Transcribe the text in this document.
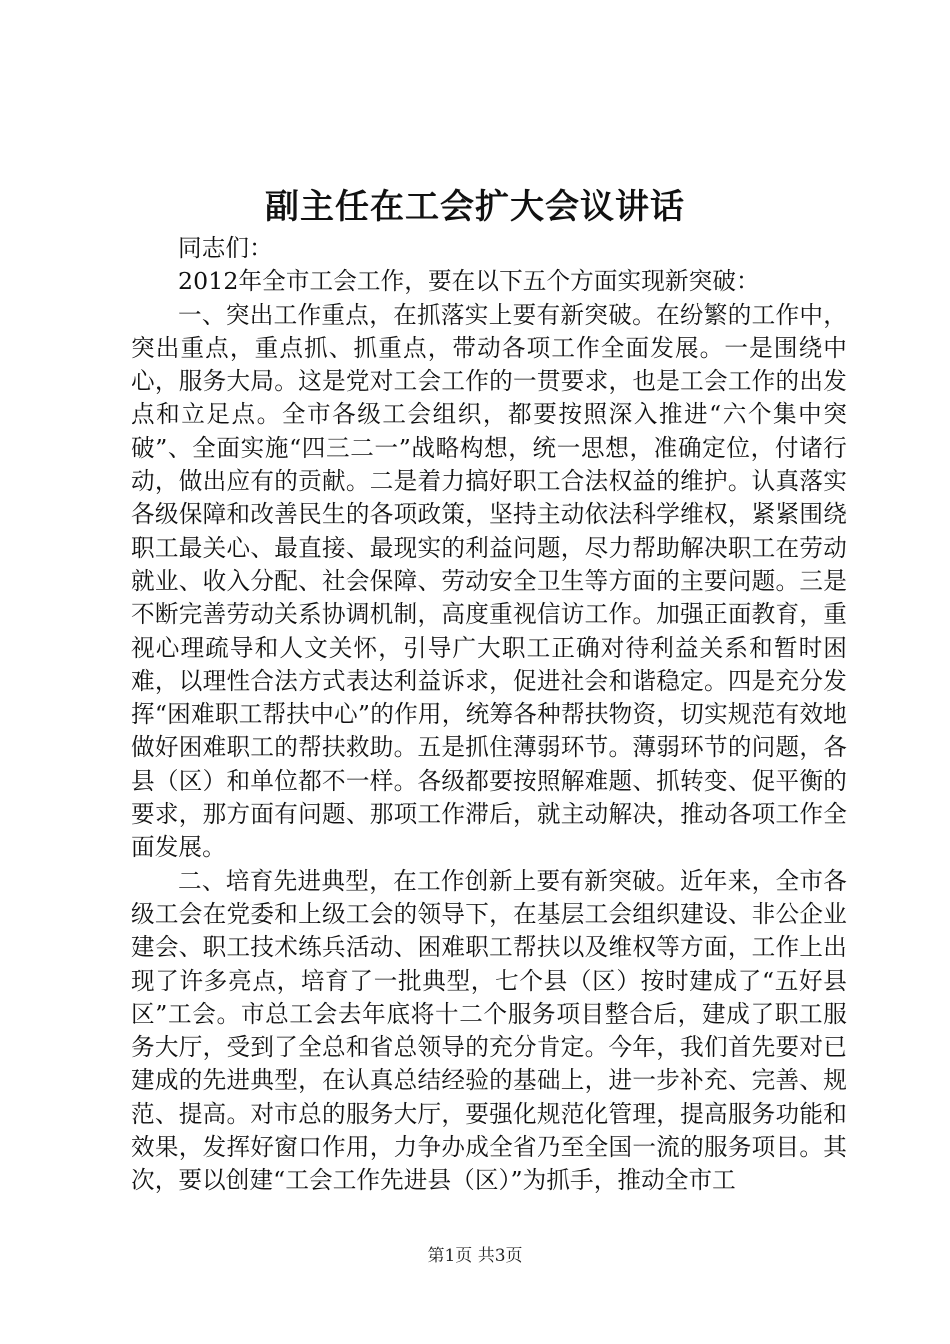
副主任在工会扩大会议讲话

同志们：

2012年全市工会工作，要在以下五个方面实现新突破：

一、突出工作重点，在抓落实上要有新突破。在纷繁的工作中，突出重点，重点抓、抓重点，带动各项工作全面发展。一是围绕中心，服务大局。这是党对工会工作的一贯要求，也是工会工作的出发点和立足点。全市各级工会组织，都要按照深入推进“六个集中突破”、全面实施“四三二一”战略构想，统一思想，准确定位，付诸行动，做出应有的贡献。二是着力搞好职工合法权益的维护。认真落实各级保障和改善民生的各项政策，坚持主动依法科学维权，紧紧围绕职工最关心、最直接、最现实的利益问题，尽力帮助解决职工在劳动就业、收入分配、社会保障、劳动安全卫生等方面的主要问题。三是不断完善劳动关系协调机制，高度重视信访工作。加强正面教育，重视心理疏导和人文关怀，引导广大职工正确对待利益关系和暂时困难，以理性合法方式表达利益诉求，促进社会和谐稳定。四是充分发挥“困难职工帮扶中心”的作用，统筹各种帮扶物资，切实规范有效地做好困难职工的帮扶救助。五是抓住薄弱环节。薄弱环节的问题，各县（区）和单位都不一样。各级都要按照解难题、抓转变、促平衡的要求，那方面有问题、那项工作滞后，就主动解决，推动各项工作全面发展。

二、培育先进典型，在工作创新上要有新突破。近年来，全市各级工会在党委和上级工会的领导下，在基层工会组织建设、非公企业建会、职工技术练兵活动、困难职工帮扶以及维权等方面，工作上出现了许多亮点，培育了一批典型，七个县（区）按时建成了“五好县区”工会。市总工会去年底将十二个服务项目整合后，建成了职工服务大厅，受到了全总和省总领导的充分肯定。今年，我们首先要对已建成的先进典型，在认真总结经验的基础上，进一步补充、完善、规范、提高。对市总的服务大厅，要强化规范化管理，提高服务功能和效果，发挥好窗口作用，力争办成全省乃至全国一流的服务项目。其次，要以创建“工会工作先进县（区）”为抓手，推动全市工

第1页 共3页
